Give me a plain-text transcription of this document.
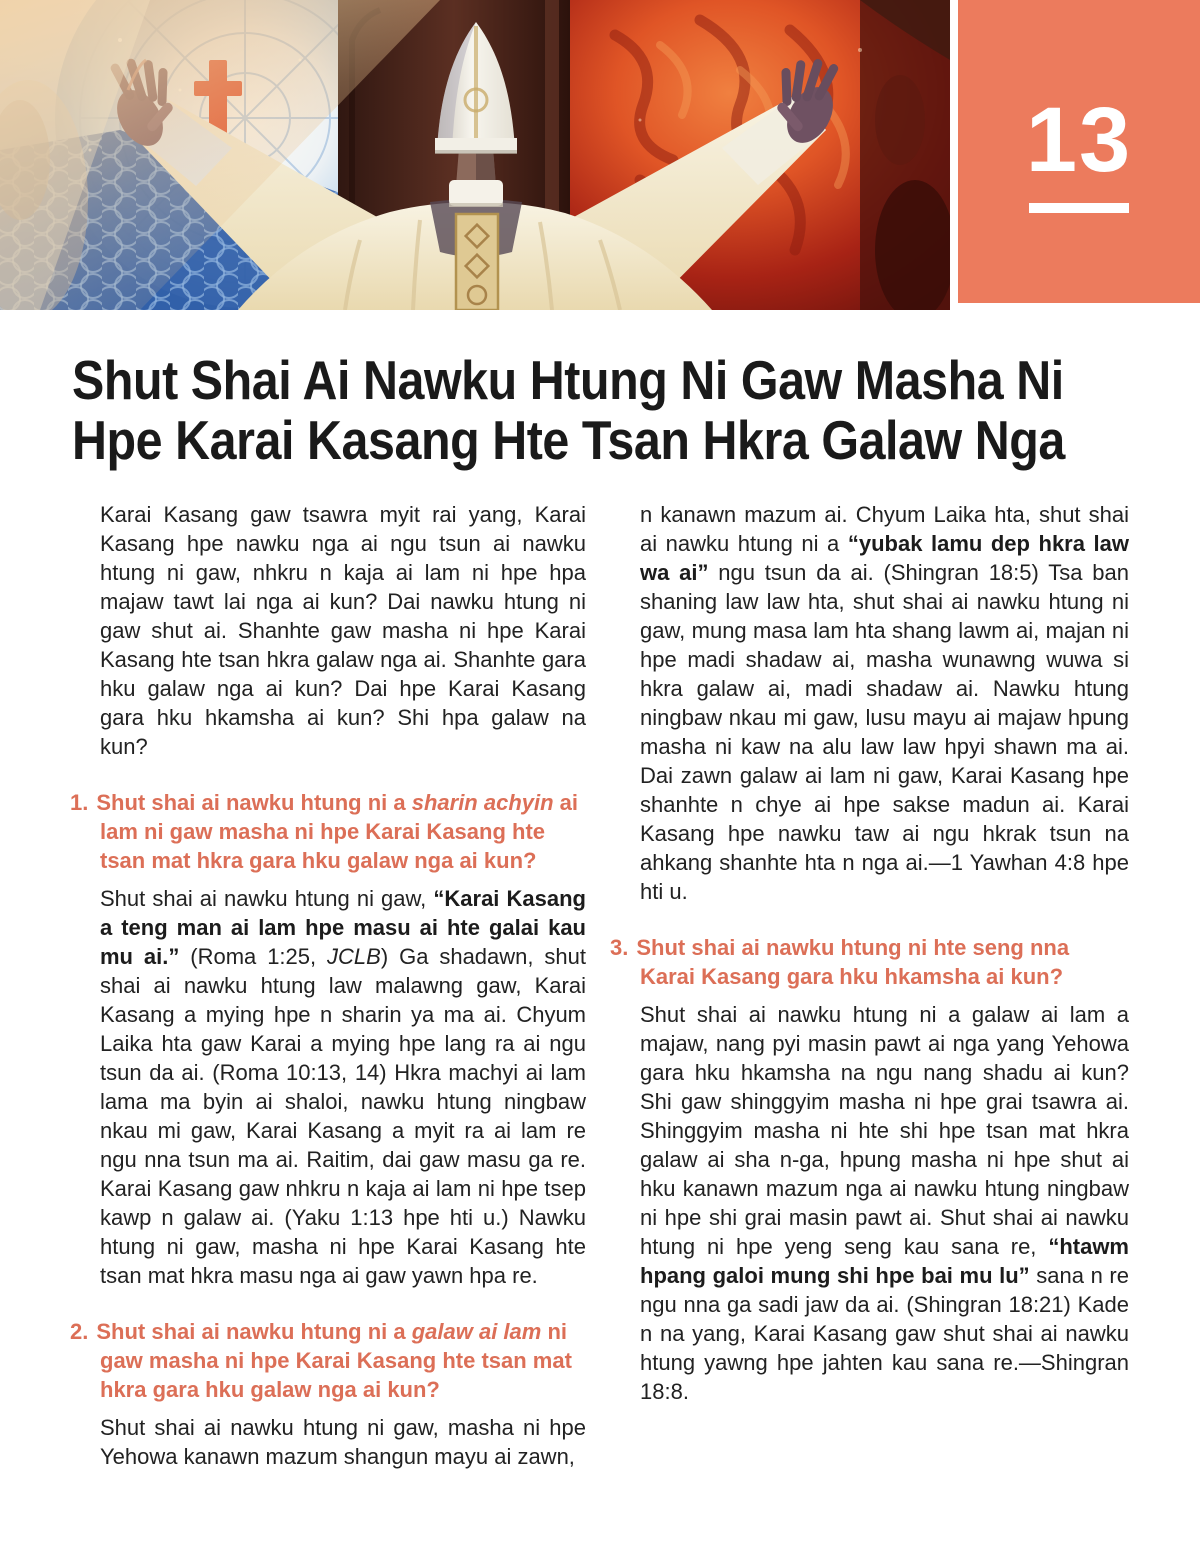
13
Shut Shai Ai Nawku Htung Ni Gaw Masha Ni
Hpe Karai Kasang Hte Tsan Hkra Galaw Nga

Karai Kasang gaw tsawra myit rai yang, Karai Kasang hpe nawku nga ai ngu tsun ai nawku htung ni gaw, nhkru n kaja ai lam ni hpe hpa majaw tawt lai nga ai kun? Dai nawku htung ni gaw shut ai. Shanhte gaw masha ni hpe Karai Kasang hte tsan hkra galaw nga ai. Shanhte gara hku galaw nga ai kun? Dai hpe Karai Kasang gara hku hkamsha ai kun? Shi hpa galaw na kun?

1. Shut shai ai nawku htung ni a sharin achyin ai lam ni gaw masha ni hpe Karai Kasang hte tsan mat hkra gara hku galaw nga ai kun?

Shut shai ai nawku htung ni gaw, “Karai Kasang a teng man ai lam hpe masu ai hte galai kau mu ai.” (Roma 1:25, JCLB) Ga shadawn, shut shai ai nawku htung law malawng gaw, Karai Kasang a mying hpe n sharin ya ma ai. Chyum Laika hta gaw Karai a mying hpe lang ra ai ngu tsun da ai. (Roma 10:13, 14) Hkra machyi ai lam lama ma byin ai shaloi, nawku htung ningbaw nkau mi gaw, Karai Kasang a myit ra ai lam re ngu nna tsun ma ai. Raitim, dai gaw masu ga re. Karai Kasang gaw nhkru n kaja ai lam ni hpe tsep kawp n galaw ai. (Yaku 1:13 hpe hti u.) Nawku htung ni gaw, masha ni hpe Karai Kasang hte tsan mat hkra masu nga ai gaw yawn hpa re.

2. Shut shai ai nawku htung ni a galaw ai lam ni gaw masha ni hpe Karai Kasang hte tsan mat hkra gara hku galaw nga ai kun?

Shut shai ai nawku htung ni gaw, masha ni hpe Yehowa kanawn mazum shangun mayu ai zawn,

n kanawn mazum ai. Chyum Laika hta, shut shai ai nawku htung ni a “yubak lamu dep hkra law wa ai” ngu tsun da ai. (Shingran 18:5) Tsa ban shaning law law hta, shut shai ai nawku htung ni gaw, mung masa lam hta shang lawm ai, majan ni hpe madi shadaw ai, masha wunawng wuwa si hkra galaw ai, madi shadaw ai. Nawku htung ningbaw nkau mi gaw, lusu mayu ai majaw hpung masha ni kaw na alu law law hpyi shawn ma ai. Dai zawn galaw ai lam ni gaw, Karai Kasang hpe shanhte n chye ai hpe sakse madun ai. Karai Kasang hpe nawku taw ai ngu hkrak tsun na ahkang shanhte hta n nga ai.—1 Yawhan 4:8 hpe hti u.

3. Shut shai ai nawku htung ni hte seng nna Karai Kasang gara hku hkamsha ai kun?

Shut shai ai nawku htung ni a galaw ai lam a majaw, nang pyi masin pawt ai nga yang Yehowa gara hku hkamsha na ngu nang shadu ai kun? Shi gaw shinggyim masha ni hpe grai tsawra ai. Shinggyim masha ni hte shi hpe tsan mat hkra galaw ai sha n-ga, hpung masha ni hpe shut ai hku kanawn mazum nga ai nawku htung ningbaw ni hpe shi grai masin pawt ai. Shut shai ai nawku htung ni hpe yeng seng kau sana re, “htawm hpang galoi mung shi hpe bai mu lu” sana n re ngu nna ga sadi jaw da ai. (Shingran 18:21) Kade n na yang, Karai Kasang gaw shut shai ai nawku htung yawng hpe jahten kau sana re.—Shingran 18:8.
